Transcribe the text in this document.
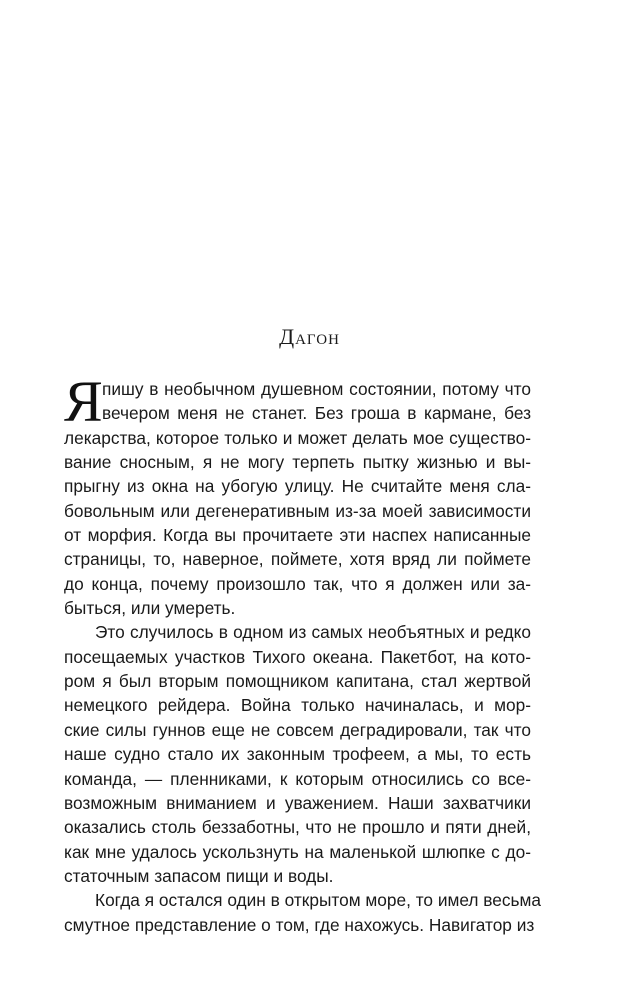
Дагон
Я пишу в необычном душевном состоянии, потому что
вечером меня не станет. Без гроша в кармане, без
лекарства, которое только и может делать мое существо-
вание сносным, я не могу терпеть пытку жизнью и вы-
прыгну из окна на убогую улицу. Не считайте меня сла-
бовольным или дегенеративным из-за моей зависимости
от морфия. Когда вы прочитаете эти наспех написанные
страницы, то, наверное, поймете, хотя вряд ли поймете
до конца, почему произошло так, что я должен или за-
быться, или умереть.
Это случилось в одном из самых необъятных и редко
посещаемых участков Тихого океана. Пакетбот, на кото-
ром я был вторым помощником капитана, стал жертвой
немецкого рейдера. Война только начиналась, и мор-
ские силы гуннов еще не совсем деградировали, так что
наше судно стало их законным трофеем, а мы, то есть
команда, — пленниками, к которым относились со все-
возможным вниманием и уважением. Наши захватчики
оказались столь беззаботны, что не прошло и пяти дней,
как мне удалось ускользнуть на маленькой шлюпке с до-
статочным запасом пищи и воды.
Когда я остался один в открытом море, то имел весьма
смутное представление о том, где нахожусь. Навигатор из
